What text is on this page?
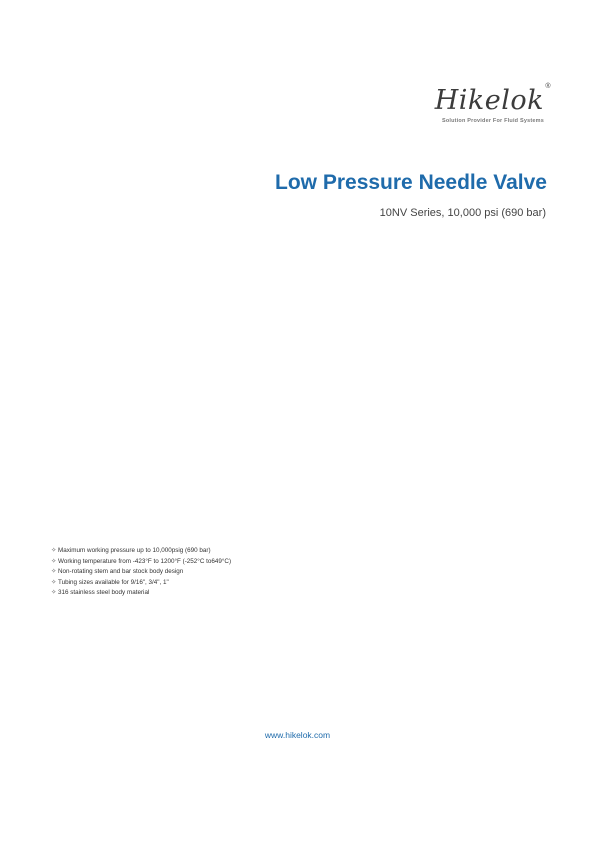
Hikelok ®
Solution Provider For Fluid Systems
Low Pressure Needle Valve

10NV Series, 10,000 psi (690 bar)

✧ Maximum working pressure up to 10,000psig (690 bar)
✧ Working temperature from -423°F to 1200°F (-252°C to649°C)
✧ Non-rotating stem and bar stock body design
✧ Tubing sizes available for 9/16", 3/4", 1"
✧ 316 stainless steel body material
www.hikelok.com
